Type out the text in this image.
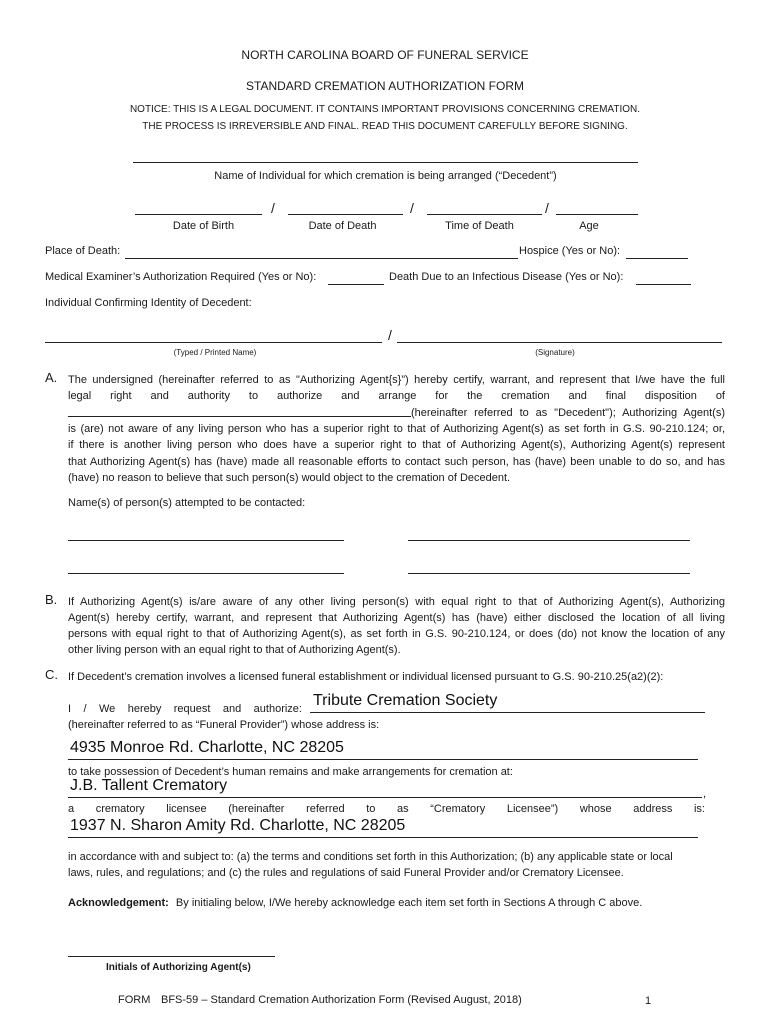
NORTH CAROLINA BOARD OF FUNERAL SERVICE
STANDARD CREMATION AUTHORIZATION FORM
NOTICE: THIS IS A LEGAL DOCUMENT. IT CONTAINS IMPORTANT PROVISIONS CONCERNING CREMATION.
THE PROCESS IS IRREVERSIBLE AND FINAL. READ THIS DOCUMENT CAREFULLY BEFORE SIGNING.
Name of Individual for which cremation is being arranged (“Decedent”)
/	/	/
Date of Birth	Date of Death	Time of Death	Age
Place of Death:	Hospice (Yes or No):
Medical Examiner’s Authorization Required (Yes or No):	Death Due to an Infectious Disease (Yes or No):
Individual Confirming Identity of Decedent:
/
(Typed / Printed Name)	(Signature)
A. The undersigned (hereinafter referred to as "Authorizing Agent{s}”) hereby certify, warrant, and represent that I/we have the full
legal right and authority to authorize and arrange for the cremation and final disposition of
(hereinafter referred to as "Decedent"); Authorizing Agent(s)
is (are) not aware of any living person who has a superior right to that of Authorizing Agent(s) as set forth in G.S. 90-210.124; or,
if there is another living person who does have a superior right to that of Authorizing Agent(s), Authorizing Agent(s) represent
that Authorizing Agent(s) has (have) made all reasonable efforts to contact such person, has (have) been unable to do so, and has
(have) no reason to believe that such person(s) would object to the cremation of Decedent.
Name(s) of person(s) attempted to be contacted:
B. If Authorizing Agent(s) is/are aware of any other living person(s) with equal right to that of Authorizing Agent(s), Authorizing
Agent(s) hereby certify, warrant, and represent that Authorizing Agent(s) has (have) either disclosed the location of all living
persons with equal right to that of Authorizing Agent(s), as set forth in G.S. 90-210.124, or does (do) not know the location of any
other living person with an equal right to that of Authorizing Agent(s).
C. If Decedent’s cremation involves a licensed funeral establishment or individual licensed pursuant to G.S. 90-210.25(a2)(2):
I / We hereby request and authorize: Tribute Cremation Society
(hereinafter referred to as “Funeral Provider”) whose address is:
4935 Monroe Rd. Charlotte, NC 28205
to take possession of Decedent’s human remains and make arrangements for cremation at:
J.B. Tallent Crematory	,
a crematory licensee (hereinafter referred to as “Crematory Licensee”) whose address is:
1937 N. Sharon Amity Rd. Charlotte, NC 28205
in accordance with and subject to: (a) the terms and conditions set forth in this Authorization; (b) any applicable state or local
laws, rules, and regulations; and (c) the rules and regulations of said Funeral Provider and/or Crematory Licensee.
Acknowledgement: By initialing below, I/We hereby acknowledge each item set forth in Sections A through C above.
Initials of Authorizing Agent(s)
FORM BFS-59 – Standard Cremation Authorization Form (Revised August, 2018)	1
